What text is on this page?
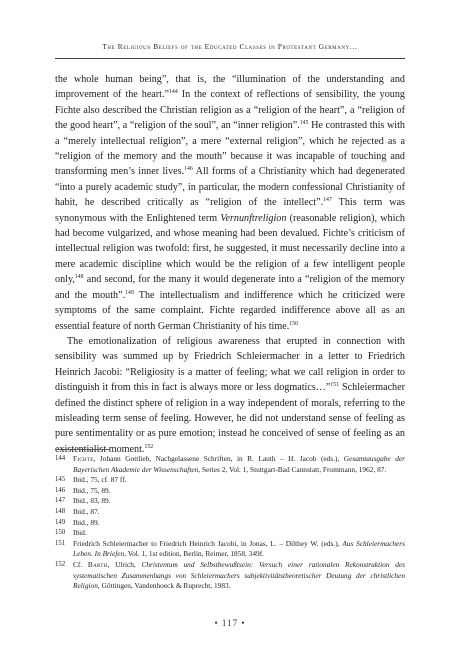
The Religious Beliefs of the Educated Classes in Protestant Germany…

the whole human being”, that is, the “illumination of the understanding and improvement of the heart.”$^{144}$ In the context of reflections of sensibility, the young Fichte also described the Christian religion as a “religion of the heart”, a “religion of the good heart”, a “religion of the soul”, an “inner religion”.$^{145}$ He contrasted this with a “merely intellectual religion”, a mere “external religion”, which he rejected as a “religion of the memory and the mouth” because it was incapable of touching and transforming men’s inner lives.$^{146}$ All forms of a Christianity which had degenerated “into a purely academic study”, in particular, the modern confessional Christianity of habit, he described critically as “religion of the intellect”.$^{147}$ This term was synonymous with the Enlightened term Vernunftreligion (reasonable religion), which had become vulgarized, and whose meaning had been devalued. Fichte’s criticism of intellectual religion was twofold: first, he suggested, it must necessarily decline into a mere academic discipline which would be the religion of a few intelligent people only,$^{148}$ and second, for the many it would degenerate into a “religion of the memory and the mouth”.$^{149}$ The intellectualism and indifference which he criticized were symptoms of the same complaint. Fichte regarded indifference above all as an essential feature of north German Christianity of his time.$^{150}$

The emotionalization of religious awareness that erupted in connection with sensibility was summed up by Friedrich Schleiermacher in a letter to Friedrich Heinrich Jacobi: “Religiosity is a matter of feeling; what we call religion in order to distinguish it from this in fact is always more or less dogmatics…”$^{151}$ Schleiermacher defined the distinct sphere of religion in a way independent of morals, referring to the misleading term sense of feeling. However, he did not understand sense of feeling as pure sentimentality or as pure emotion; instead he conceived of sense of feeling as an existentialist moment.$^{152}$

144	Fichte, Johann Gottlieb, Nachgelassene Schriften, in R. Lauth – H. Jacob (eds.), Gesamtausgabe der Bayerischen Akademie der Wissenschaften, Series 2, Vol. 1, Stuttgart-Bad Cannstatt, Frommann, 1962, 87.
145	Ibid., 75, cf. 87 ff.
146	Ibid., 75, 89.
147	Ibid., 83, 89.
148	Ibid., 87.
149	Ibid., 89.
150	Ibid.
151	Friedrich Schleiermacher to Friedrich Heinrich Jacobi, in Jonas, L. – Dilthey W. (eds.), Aus Schleiermachers Leben. In Briefen, Vol. 1, 1st edition, Berlin, Reimer, 1858, 349f.
152	Cf. Barth, Ulrich, Christentum und Selbstbewußtsein: Versuch einer rationalen Rekonstruktion des systematischen Zusammenhangs von Schleiermachers subjektivitätstheoretischer Deutung der christlichen Religion, Göttingen, Vandenhoeck & Ruprecht, 1983.
• 117 •
